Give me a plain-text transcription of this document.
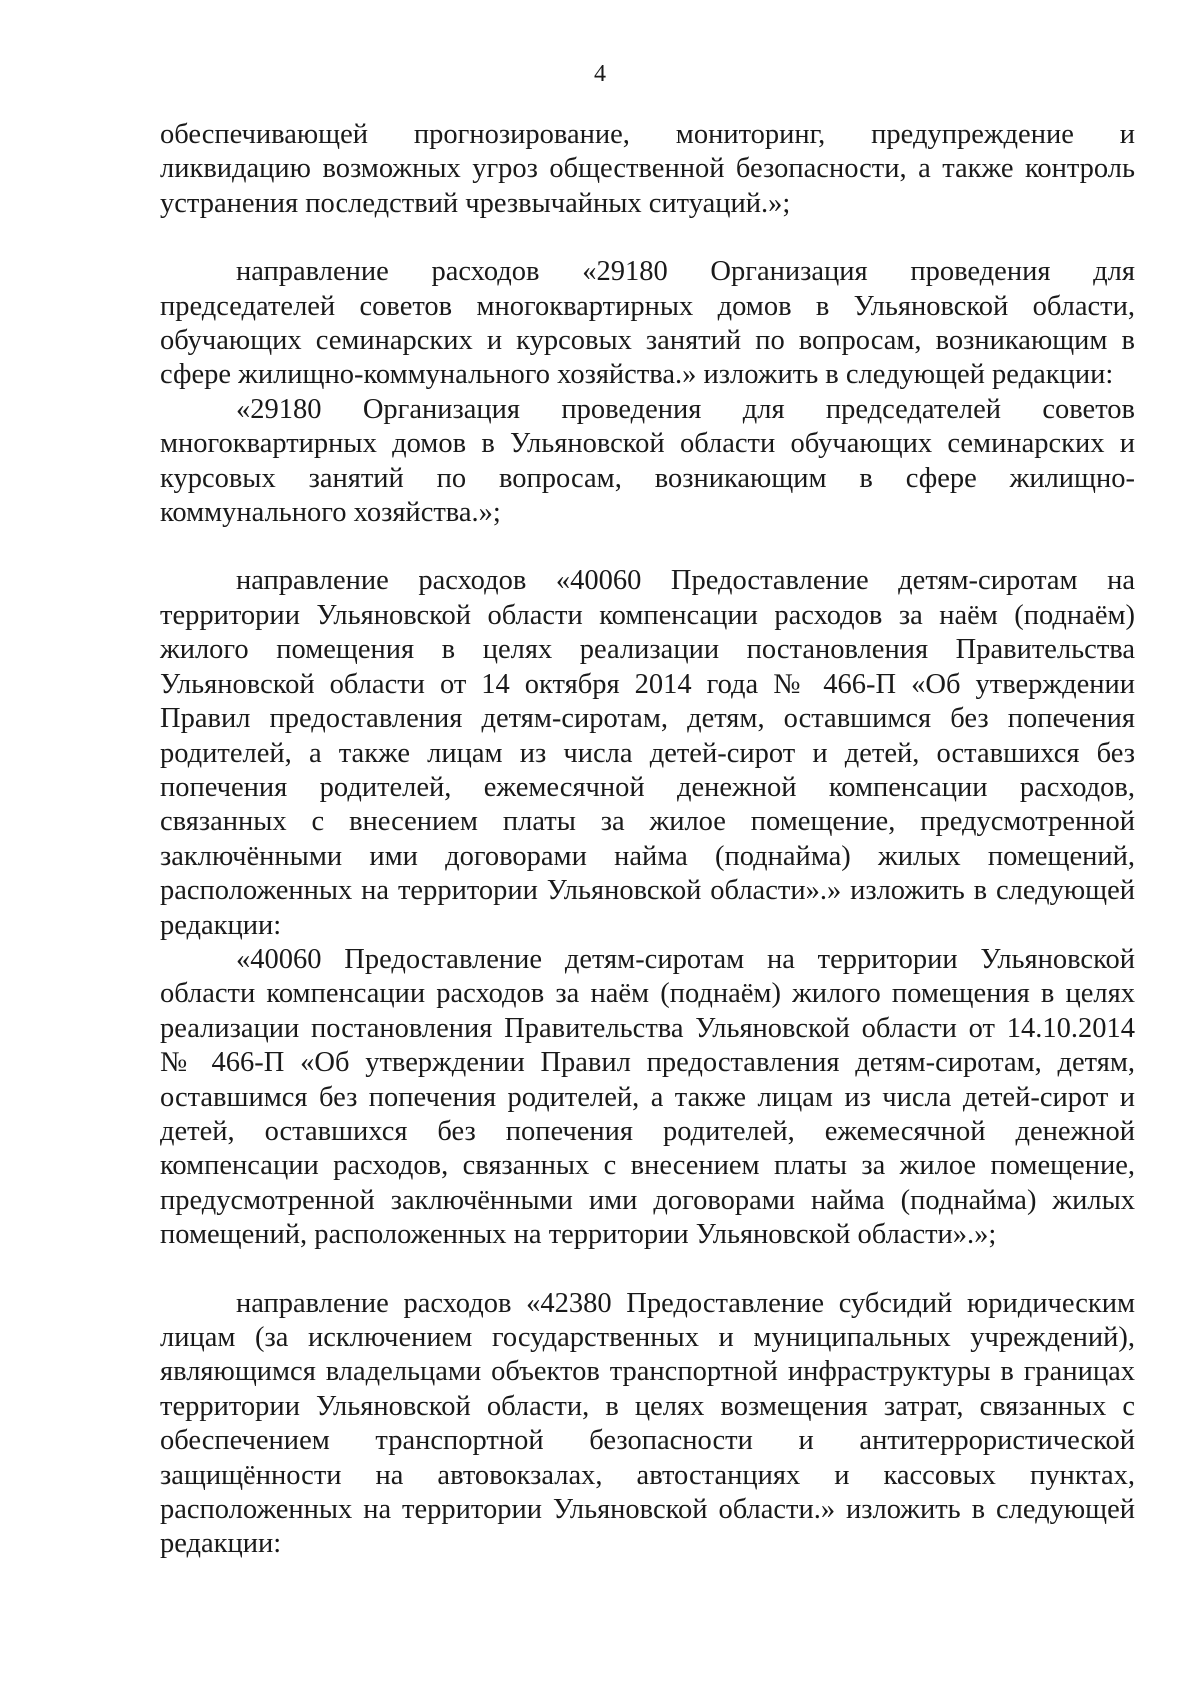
4

обеспечивающей прогнозирование, мониторинг, предупреждение и ликвидацию возможных угроз общественной безопасности, а также контроль устранения последствий чрезвычайных ситуаций.»;

направление расходов «29180 Организация проведения для председателей советов многоквартирных домов в Ульяновской области, обучающих семинарских и курсовых занятий по вопросам, возникающим в сфере жилищно-коммунального хозяйства.» изложить в следующей редакции:

«29180 Организация проведения для председателей советов многоквартирных домов в Ульяновской области обучающих семинарских и курсовых занятий по вопросам, возникающим в сфере жилищно-коммунального хозяйства.»;

направление расходов «40060 Предоставление детям-сиротам на территории Ульяновской области компенсации расходов за наём (поднаём) жилого помещения в целях реализации постановления Правительства Ульяновской области от 14 октября 2014 года № 466-П «Об утверждении Правил предоставления детям-сиротам, детям, оставшимся без попечения родителей, а также лицам из числа детей-сирот и детей, оставшихся без попечения родителей, ежемесячной денежной компенсации расходов, связанных с внесением платы за жилое помещение, предусмотренной заключёнными ими договорами найма (поднайма) жилых помещений, расположенных на территории Ульяновской области».» изложить в следующей редакции:

«40060 Предоставление детям-сиротам на территории Ульяновской области компенсации расходов за наём (поднаём) жилого помещения в целях реализации постановления Правительства Ульяновской области от 14.10.2014 № 466-П «Об утверждении Правил предоставления детям-сиротам, детям, оставшимся без попечения родителей, а также лицам из числа детей-сирот и детей, оставшихся без попечения родителей, ежемесячной денежной компенсации расходов, связанных с внесением платы за жилое помещение, предусмотренной заключёнными ими договорами найма (поднайма) жилых помещений, расположенных на территории Ульяновской области».»;

направление расходов «42380 Предоставление субсидий юридическим лицам (за исключением государственных и муниципальных учреждений), являющимся владельцами объектов транспортной инфраструктуры в границах территории Ульяновской области, в целях возмещения затрат, связанных с обеспечением транспортной безопасности и антитеррористической защищённости на автовокзалах, автостанциях и кассовых пунктах, расположенных на территории Ульяновской области.» изложить в следующей редакции:
